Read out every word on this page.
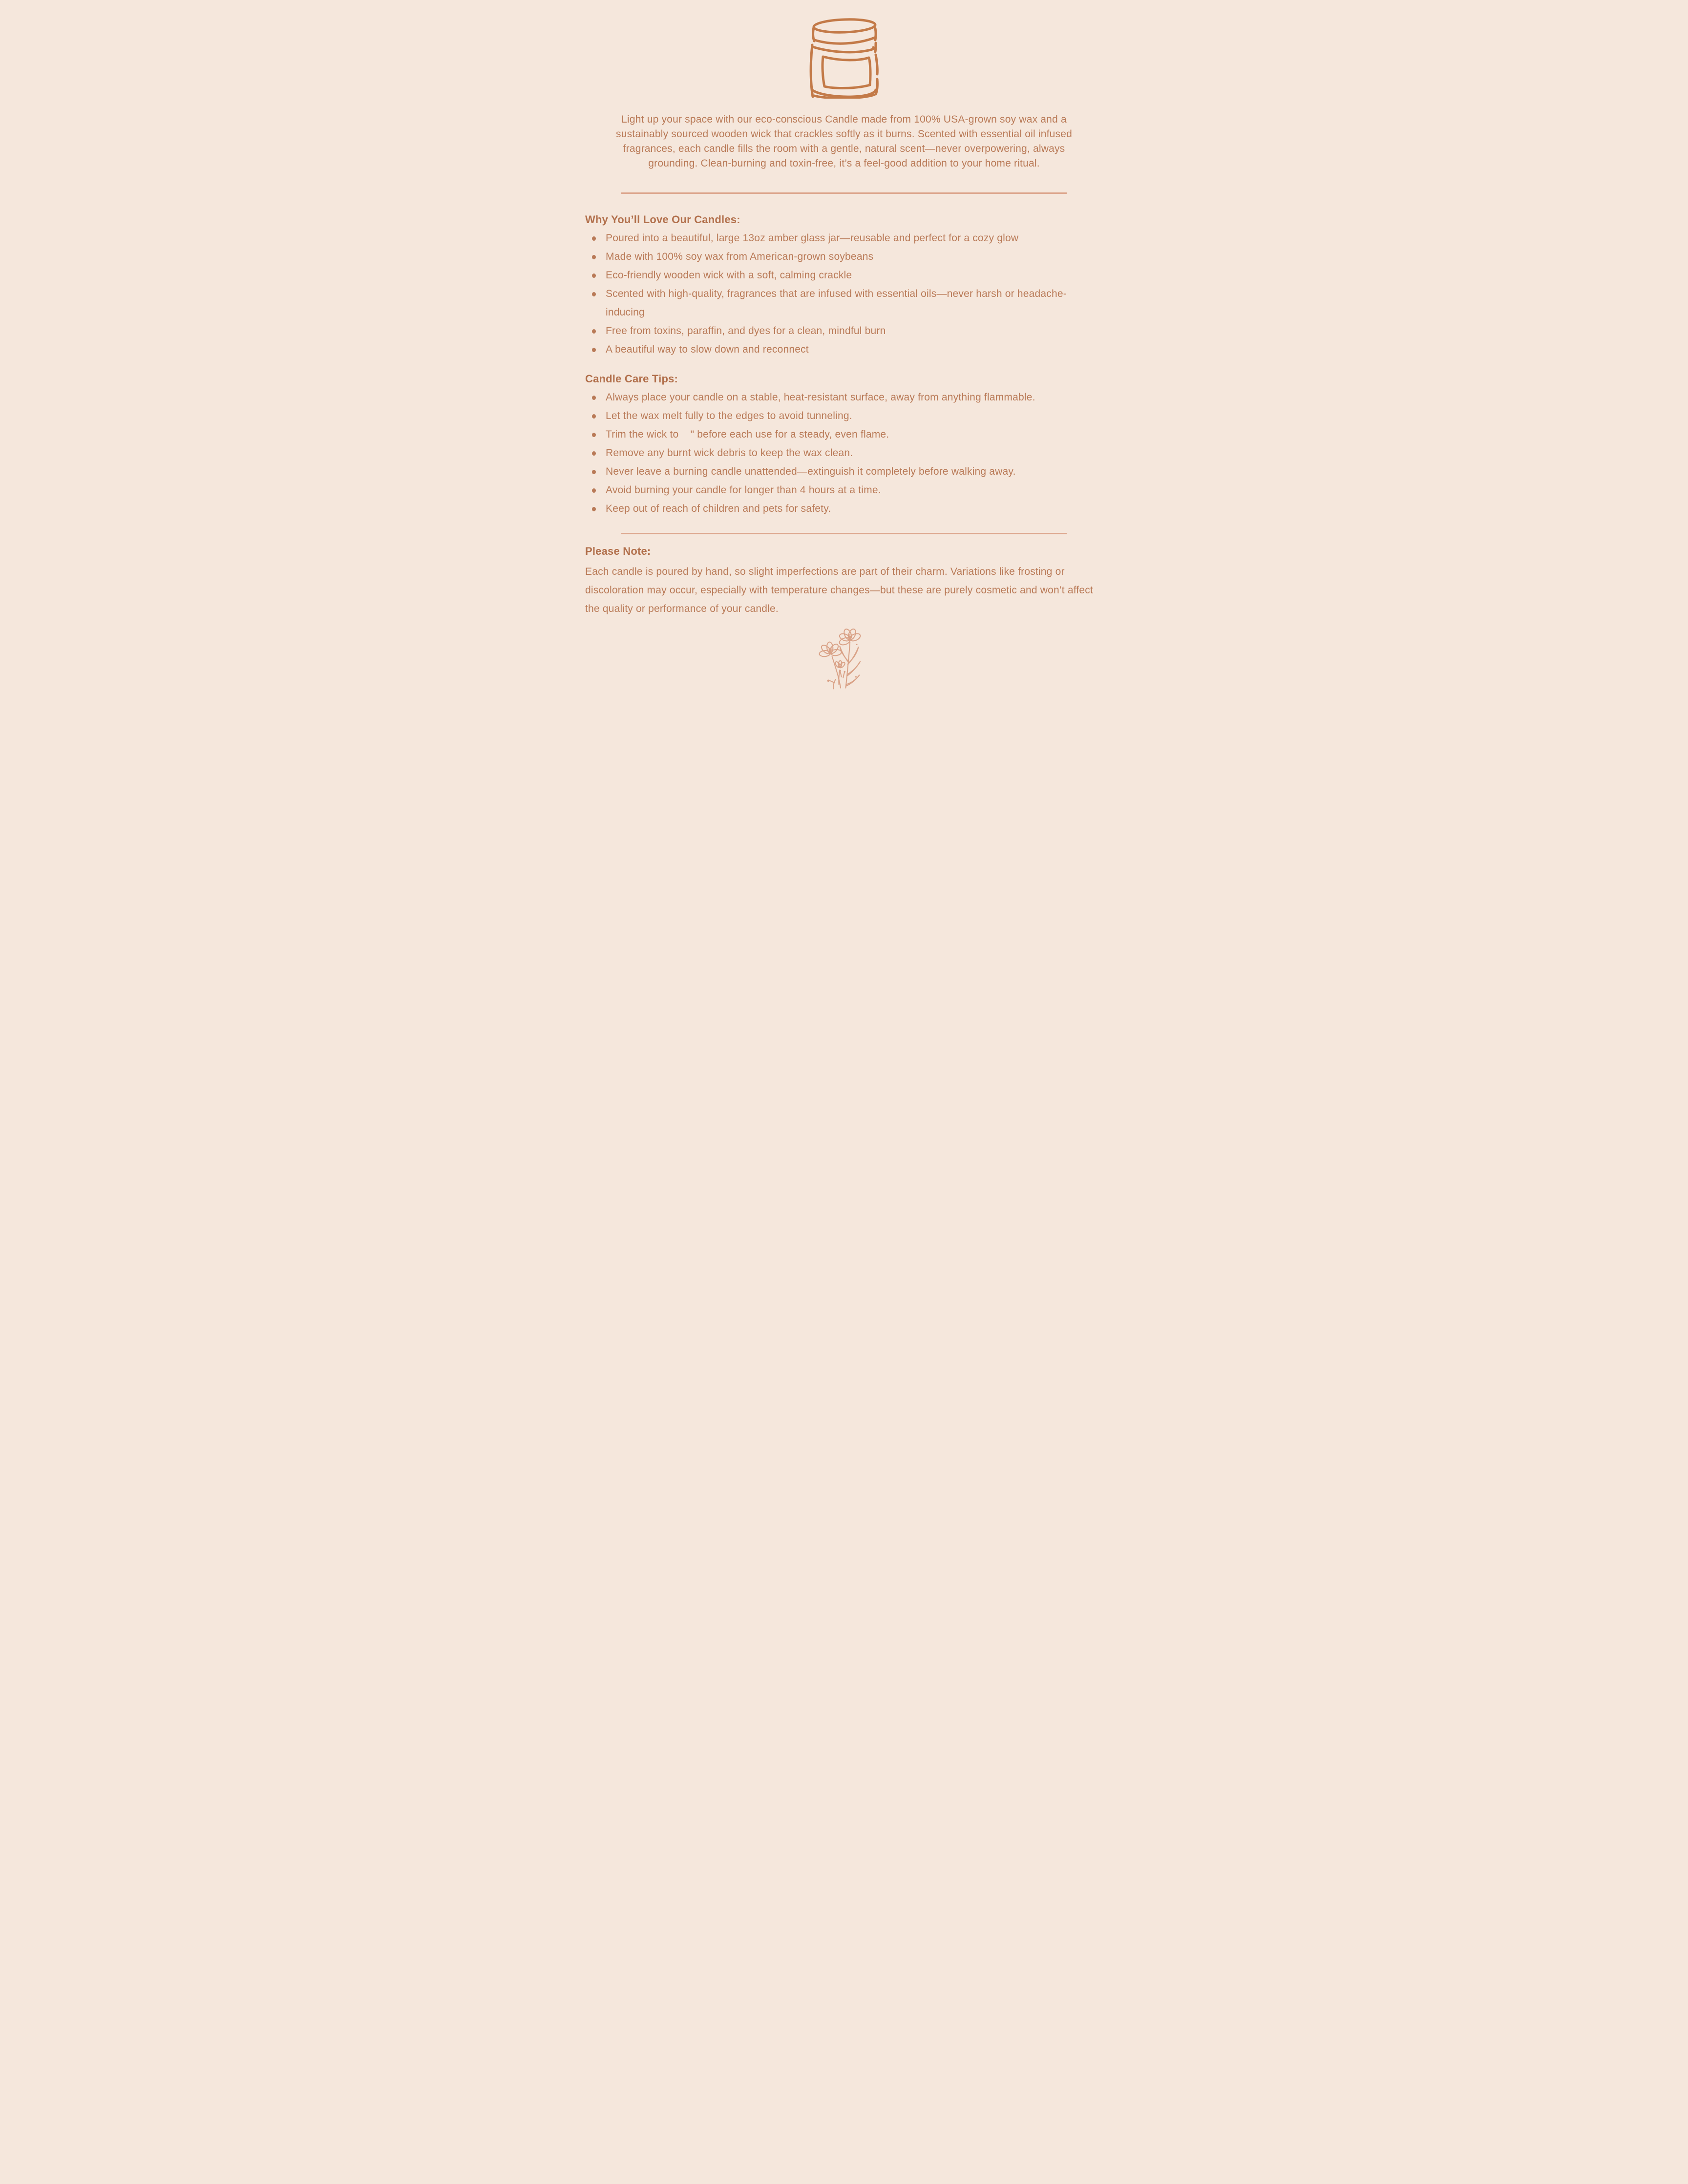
Light up your space with our eco-conscious Candle made from 100% USA-grown soy wax and a sustainably sourced wooden wick that crackles softly as it burns. Scented with essential oil infused fragrances, each candle fills the room with a gentle, natural scent—never overpowering, always grounding. Clean-burning and toxin-free, it’s a feel-good addition to your home ritual.

Why You’ll Love Our Candles:
Poured into a beautiful, large 13oz amber glass jar—reusable and perfect for a cozy glow
Made with 100% soy wax from American-grown soybeans
Eco-friendly wooden wick with a soft, calming crackle
Scented with high-quality, fragrances that are infused with essential oils—never harsh or headache-inducing
Free from toxins, paraffin, and dyes for a clean, mindful burn
A beautiful way to slow down and reconnect
Candle Care Tips:
Always place your candle on a stable, heat-resistant surface, away from anything flammable.
Let the wax melt fully to the edges to avoid tunneling.
Trim the wick to    " before each use for a steady, even flame.
Remove any burnt wick debris to keep the wax clean.
Never leave a burning candle unattended—extinguish it completely before walking away.
Avoid burning your candle for longer than 4 hours at a time.
Keep out of reach of children and pets for safety.
Please Note:

Each candle is poured by hand, so slight imperfections are part of their charm. Variations like frosting or discoloration may occur, especially with temperature changes—but these are purely cosmetic and won’t affect the quality or performance of your candle.
